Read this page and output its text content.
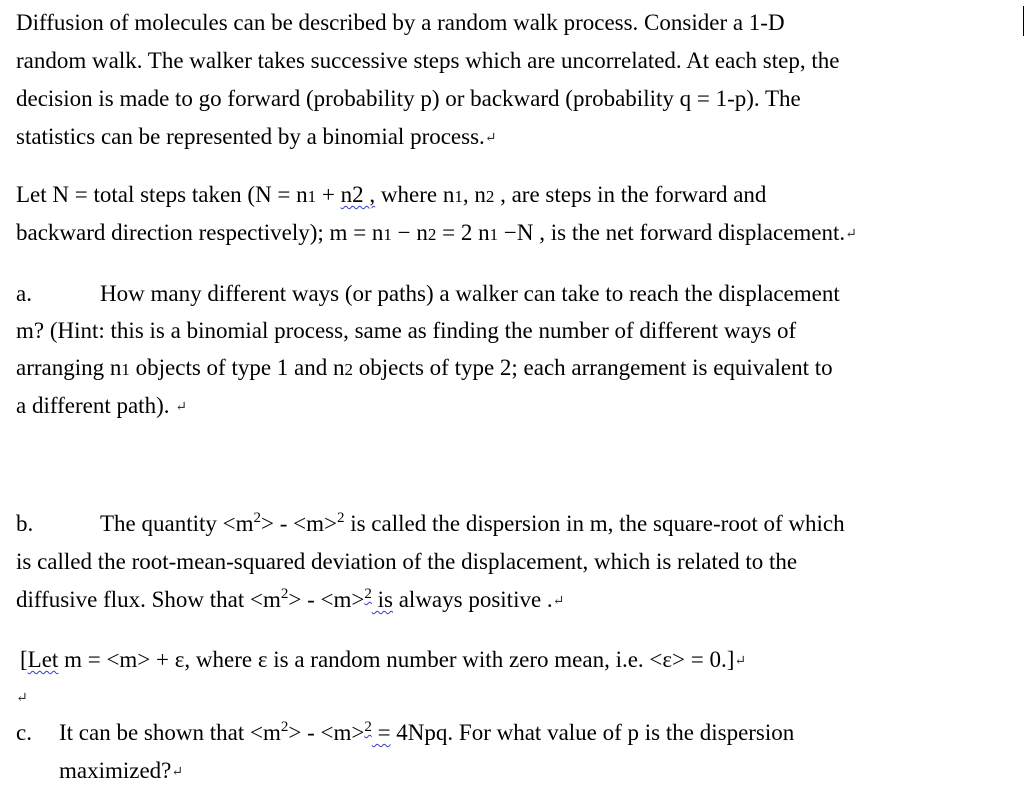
Diffusion of molecules can be described by a random walk process. Consider a 1-D
random walk. The walker takes successive steps which are uncorrelated. At each step, the
decision is made to go forward (probability p) or backward (probability q = 1-p). The
statistics can be represented by a binomial process.↵
Let N = total steps taken (N = n1 + n2 , where n1, n2 , are steps in the forward and
backward direction respectively); m = n1 − n2 = 2 n1 −N , is the net forward displacement.↵
a.	How many different ways (or paths) a walker can take to reach the displacement
m? (Hint: this is a binomial process, same as finding the number of different ways of
arranging n1 objects of type 1 and n2 objects of type 2; each arrangement is equivalent to
a different path). ↵
b.	The quantity $<m^2> - <m>^2$ is called the dispersion in m, the square-root of which
is called the root-mean-squared deviation of the displacement, which is related to the
diffusive flux. Show that $<m^2> - <m>^2$ is always positive .↵
[Let m = <m> + ε, where ε is a random number with zero mean, i.e. <ε> = 0.]↵
↵
c. It can be shown that $<m^2> - <m>^2 = 4Npq$. For what value of p is the dispersion
maximized?↵
